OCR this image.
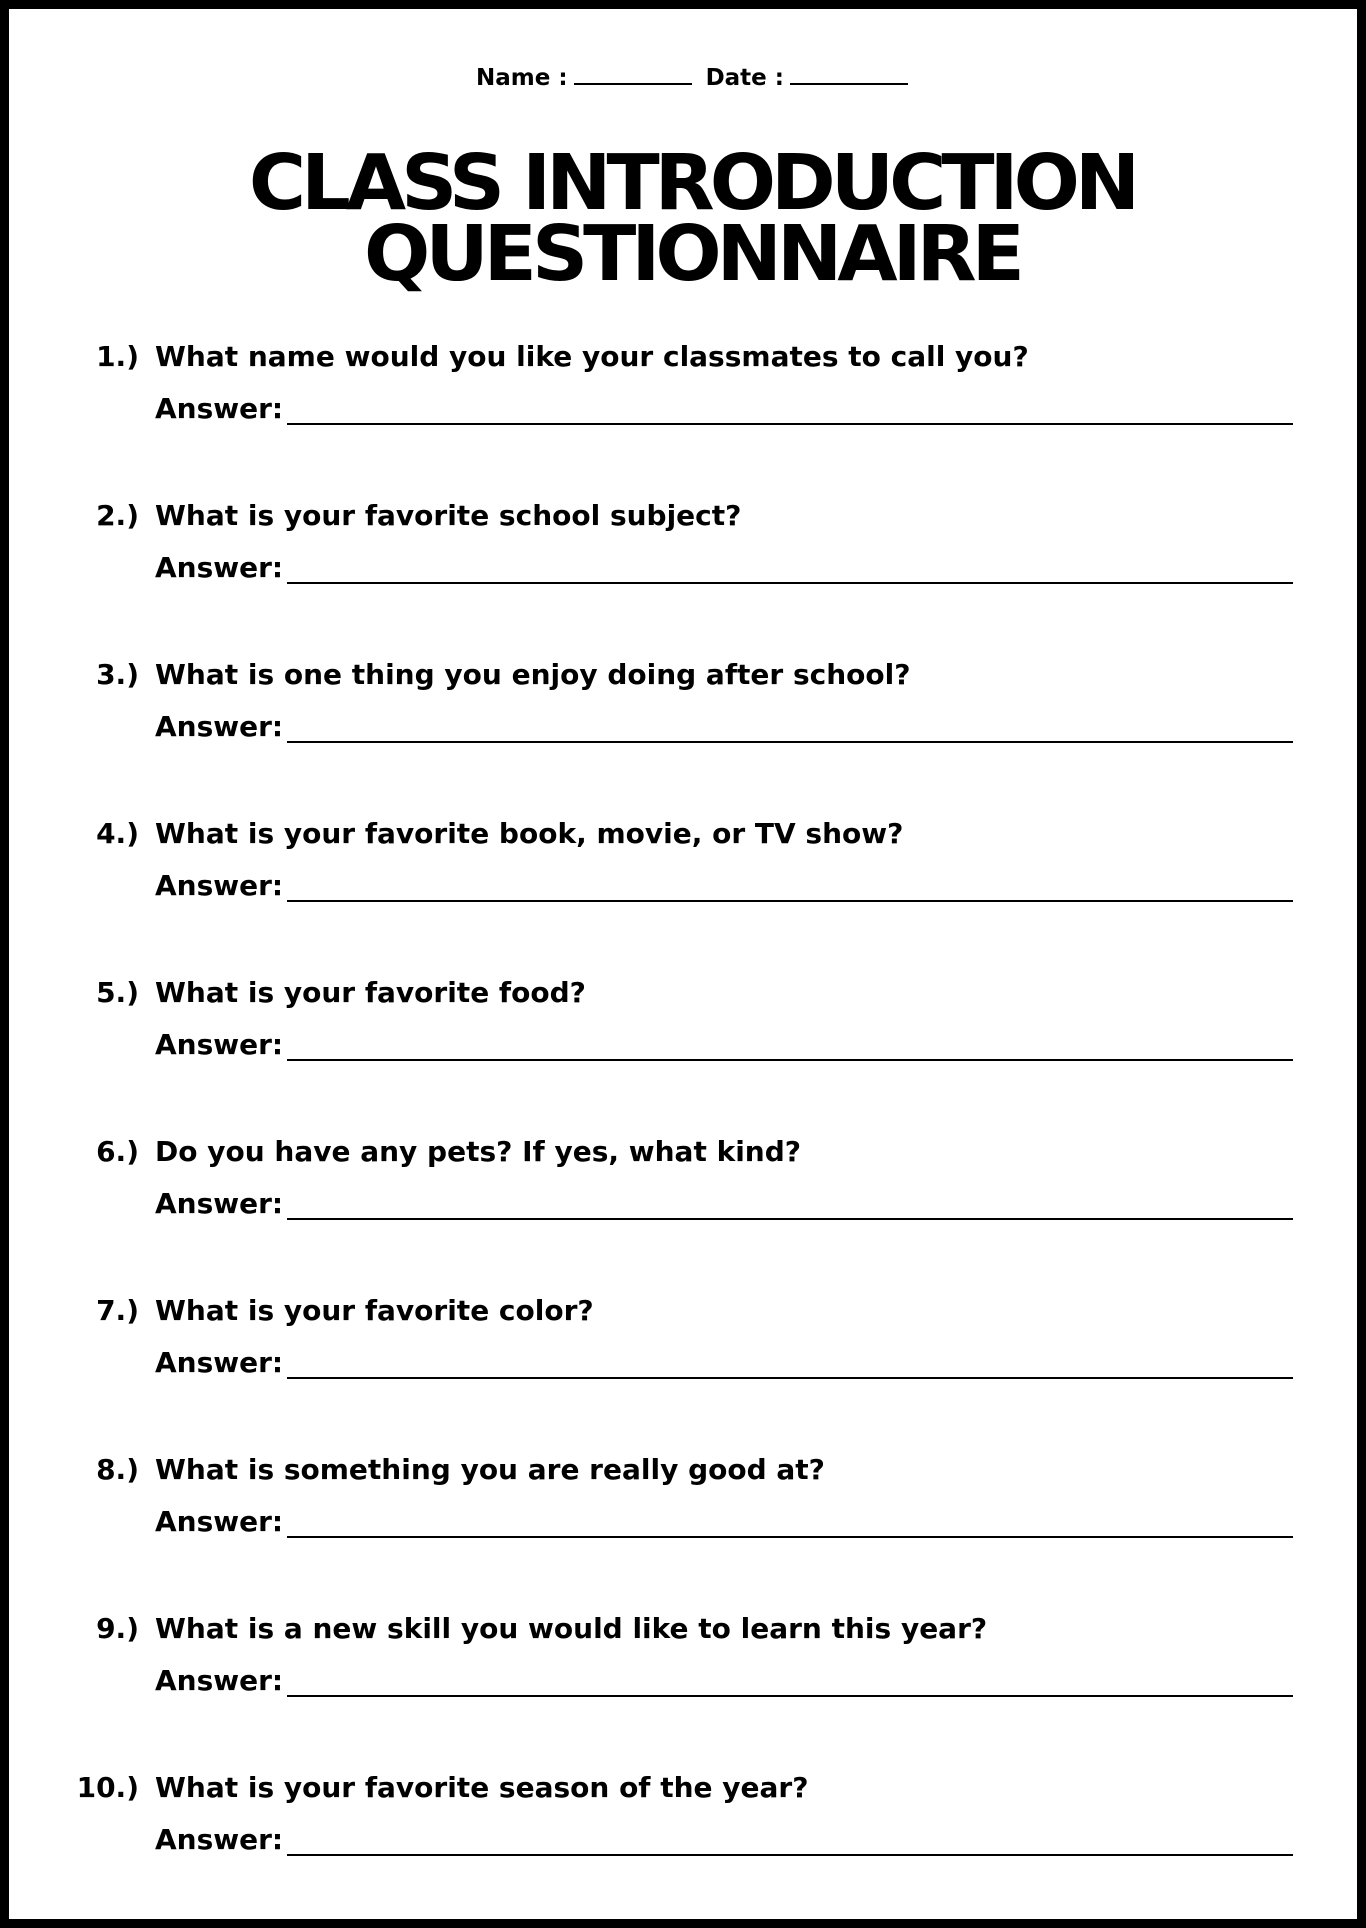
Name :	Date :
CLASS INTRODUCTION
QUESTIONNAIRE
1.) What name would you like your classmates to call you?
Answer:
2.) What is your favorite school subject?
Answer:
3.) What is one thing you enjoy doing after school?
Answer:
4.) What is your favorite book, movie, or TV show?
Answer:
5.) What is your favorite food?
Answer:
6.) Do you have any pets? If yes, what kind?
Answer:
7.) What is your favorite color?
Answer:
8.) What is something you are really good at?
Answer:
9.) What is a new skill you would like to learn this year?
Answer:
10.) What is your favorite season of the year?
Answer:
